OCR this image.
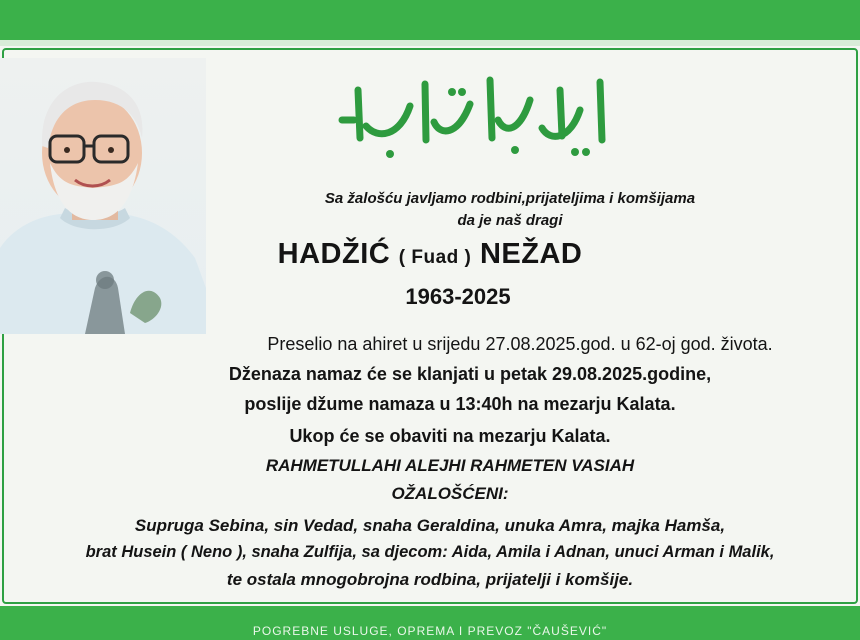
Sa žalošću javljamo rodbini,prijateljima i komšijama
da je naš dragi
HADŽIĆ ( Fuad ) NEŽAD
1963-2025
Preselio na ahiret u srijedu 27.08.2025.god. u 62-oj god. života.
Dženaza namaz će se klanjati u petak 29.08.2025.godine,
poslije džume namaza u 13:40h na mezarju Kalata.
Ukop će se obaviti na mezarju Kalata.
RAHMETULLAHI ALEJHI RAHMETEN VASIAH
OŽALOŠĆENI:
Supruga Sebina, sin Vedad, snaha Geraldina, unuka Amra, majka Hamša,
brat Husein ( Neno ), snaha Zulfija, sa djecom: Aida, Amila i Adnan, unuci Arman i Malik,
te ostala mnogobrojna rodbina, prijatelji i komšije.
POGREBNE USLUGE, OPREMA I PREVOZ "ČAUŠEVIĆ"
